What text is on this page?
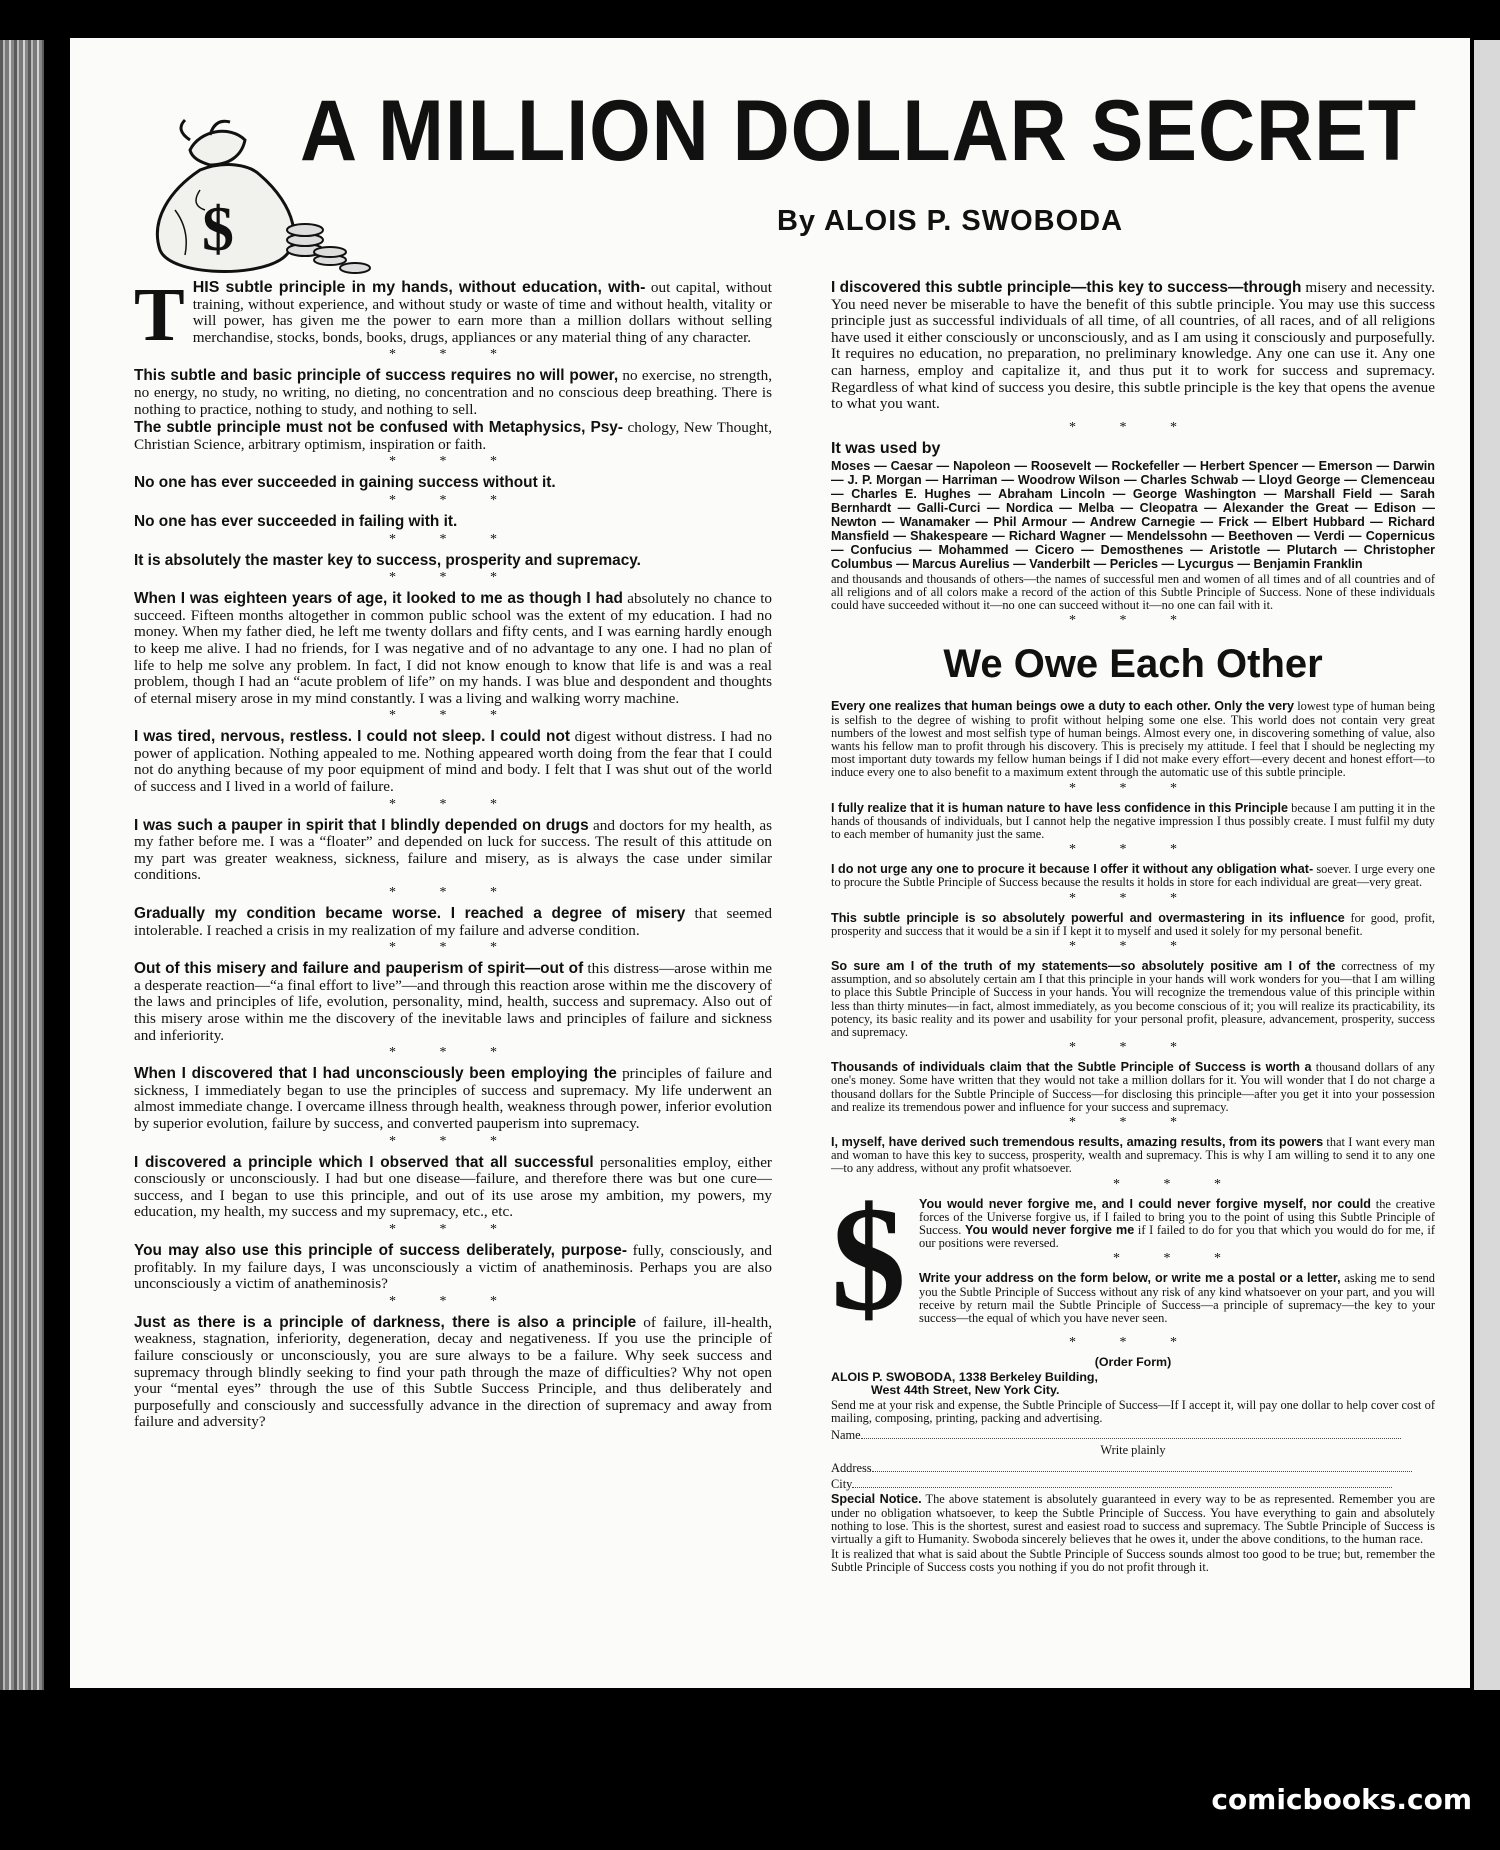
$
A MILLION DOLLAR SECRET
By ALOIS P. SWOBODA

THIS subtle principle in my hands, without education, with- out capital, without training, without experience, and without study or waste of time and without health, vitality or will power, has given me the power to earn more than a million dollars without selling merchandise, stocks, bonds, books, drugs, appliances or any material thing of any character.

* * *

This subtle and basic principle of success requires no will power, no exercise, no strength, no energy, no study, no writing, no dieting, no concentration and no conscious deep breathing. There is nothing to practice, nothing to study, and nothing to sell.

The subtle principle must not be confused with Metaphysics, Psy- chology, New Thought, Christian Science, arbitrary optimism, inspiration or faith.

* * *

No one has ever succeeded in gaining success without it.

* * *

No one has ever succeeded in failing with it.

* * *

It is absolutely the master key to success, prosperity and supremacy.

* * *

When I was eighteen years of age, it looked to me as though I had absolutely no chance to succeed. Fifteen months altogether in common public school was the extent of my education. I had no money. When my father died, he left me twenty dollars and fifty cents, and I was earning hardly enough to keep me alive. I had no friends, for I was negative and of no advantage to any one. I had no plan of life to help me solve any problem. In fact, I did not know enough to know that life is and was a real problem, though I had an “acute problem of life” on my hands. I was blue and despondent and thoughts of eternal misery arose in my mind constantly. I was a living and walking worry machine.

* * *

I was tired, nervous, restless. I could not sleep. I could not digest without distress. I had no power of application. Nothing appealed to me. Nothing appeared worth doing from the fear that I could not do anything because of my poor equipment of mind and body. I felt that I was shut out of the world of success and I lived in a world of failure.

* * *

I was such a pauper in spirit that I blindly depended on drugs and doctors for my health, as my father before me. I was a “floater” and depended on luck for success. The result of this attitude on my part was greater weakness, sickness, failure and misery, as is always the case under similar conditions.

* * *

Gradually my condition became worse. I reached a degree of misery that seemed intolerable. I reached a crisis in my realization of my failure and adverse condition.

* * *

Out of this misery and failure and pauperism of spirit—out of this distress—arose within me a desperate reaction—“a final effort to live”—and through this reaction arose within me the discovery of the laws and principles of life, evolution, personality, mind, health, success and supremacy. Also out of this misery arose within me the discovery of the inevitable laws and principles of failure and sickness and inferiority.

* * *

When I discovered that I had unconsciously been employing the principles of failure and sickness, I immediately began to use the principles of success and supremacy. My life underwent an almost immediate change. I overcame illness through health, weakness through power, inferior evolution by superior evolution, failure by success, and converted pauperism into supremacy.

* * *

I discovered a principle which I observed that all successful personalities employ, either consciously or unconsciously. I had but one disease—failure, and therefore there was but one cure—success, and I began to use this principle, and out of its use arose my ambition, my powers, my education, my health, my success and my supremacy, etc., etc.

* * *

You may also use this principle of success deliberately, purpose- fully, consciously, and profitably. In my failure days, I was unconsciously a victim of anatheminosis. Perhaps you are also unconsciously a victim of anatheminosis?

* * *

Just as there is a principle of darkness, there is also a principle of failure, ill-health, weakness, stagnation, inferiority, degeneration, decay and negativeness. If you use the principle of failure consciously or unconsciously, you are sure always to be a failure. Why seek success and supremacy through blindly seeking to find your path through the maze of difficulties? Why not open your “mental eyes” through the use of this Subtle Success Principle, and thus deliberately and purposefully and consciously and successfully advance in the direction of supremacy and away from failure and adversity?

I discovered this subtle principle—this key to success—through misery and necessity. You need never be miserable to have the benefit of this subtle principle. You may use this success principle just as successful individuals of all time, of all countries, of all races, and of all religions have used it either consciously or unconsciously, and as I am using it consciously and purposefully. It requires no education, no preparation, no preliminary knowledge. Any one can use it. Any one can harness, employ and capitalize it, and thus put it to work for success and supremacy. Regardless of what kind of success you desire, this subtle principle is the key that opens the avenue to what you want.

* * *

It was used by

Moses — Caesar — Napoleon — Roosevelt — Rockefeller — Herbert Spencer — Emerson — Darwin — J. P. Morgan — Harriman — Woodrow Wilson — Charles Schwab — Lloyd George — Clemenceau — Charles E. Hughes — Abraham Lincoln — George Washington — Marshall Field — Sarah Bernhardt — Galli-Curci — Nordica — Melba — Cleopatra — Alexander the Great — Edison — Newton — Wanamaker — Phil Armour — Andrew Carnegie — Frick — Elbert Hubbard — Richard Mansfield — Shakespeare — Richard Wagner — Mendelssohn — Beethoven — Verdi — Copernicus — Confucius — Mohammed — Cicero — Demosthenes — Aristotle — Plutarch — Christopher Columbus — Marcus Aurelius — Vanderbilt — Pericles — Lycurgus — Benjamin Franklin

and thousands and thousands of others—the names of successful men and women of all times and of all countries and of all religions and of all colors make a record of the action of this Subtle Principle of Success. None of these individuals could have succeeded without it—no one can succeed without it—no one can fail with it.

* * *
We Owe Each Other

Every one realizes that human beings owe a duty to each other. Only the very lowest type of human being is selfish to the degree of wishing to profit without helping some one else. This world does not contain very great numbers of the lowest and most selfish type of human beings. Almost every one, in discovering something of value, also wants his fellow man to profit through his discovery. This is precisely my attitude. I feel that I should be neglecting my most important duty towards my fellow human beings if I did not make every effort—every decent and honest effort—to induce every one to also benefit to a maximum extent through the automatic use of this subtle principle.

* * *

I fully realize that it is human nature to have less confidence in this Principle because I am putting it in the hands of thousands of individuals, but I cannot help the negative impression I thus possibly create. I must fulfil my duty to each member of humanity just the same.

* * *

I do not urge any one to procure it because I offer it without any obligation what- soever. I urge every one to procure the Subtle Principle of Success because the results it holds in store for each individual are great—very great.

* * *

This subtle principle is so absolutely powerful and overmastering in its influence for good, profit, prosperity and success that it would be a sin if I kept it to myself and used it solely for my personal benefit.

* * *

So sure am I of the truth of my statements—so absolutely positive am I of the correctness of my assumption, and so absolutely certain am I that this principle in your hands will work wonders for you—that I am willing to place this Subtle Principle of Success in your hands. You will recognize the tremendous value of this principle within less than thirty minutes—in fact, almost immediately, as you become conscious of it; you will realize its practicability, its potency, its basic reality and its power and usability for your personal profit, pleasure, advancement, prosperity, success and supremacy.

* * *

Thousands of individuals claim that the Subtle Principle of Success is worth a thousand dollars of any one's money. Some have written that they would not take a million dollars for it. You will wonder that I do not charge a thousand dollars for the Subtle Principle of Success—for disclosing this principle—after you get it into your possession and realize its tremendous power and influence for your success and supremacy.

* * *

I, myself, have derived such tremendous results, amazing results, from its powers that I want every man and woman to have this key to success, prosperity, wealth and supremacy. This is why I am willing to send it to any one—to any address, without any profit whatsoever.

$	* * *

You would never forgive me, and I could never forgive myself, nor could the creative forces of the Universe forgive us, if I failed to bring you to the point of using this Subtle Principle of Success. You would never forgive me if I failed to do for you that which you would do for me, if our positions were reversed.

* * *

Write your address on the form below, or write me a postal or a letter, asking me to send you the Subtle Principle of Success without any risk of any kind whatsoever on your part, and you will receive by return mail the Subtle Principle of Success—a principle of supremacy—the key to your success—the equal of which you have never seen.

* * *

(Order Form)

ALOIS P. SWOBODA, 1338 Berkeley Building,
West 44th Street, New York City.

Send me at your risk and expense, the Subtle Principle of Success—If I accept it, will pay one dollar to help cover cost of mailing, composing, printing, packing and advertising.

Name

Write plainly

Address

City

Special Notice. The above statement is absolutely guaranteed in every way to be as represented. Remember you are under no obligation whatsoever, to keep the Subtle Principle of Success. You have everything to gain and absolutely nothing to lose. This is the shortest, surest and easiest road to success and supremacy. The Subtle Principle of Success is virtually a gift to Humanity. Swoboda sincerely believes that he owes it, under the above conditions, to the human race.

It is realized that what is said about the Subtle Principle of Success sounds almost too good to be true; but, remember the Subtle Principle of Success costs you nothing if you do not profit through it.

comicbooks.com
